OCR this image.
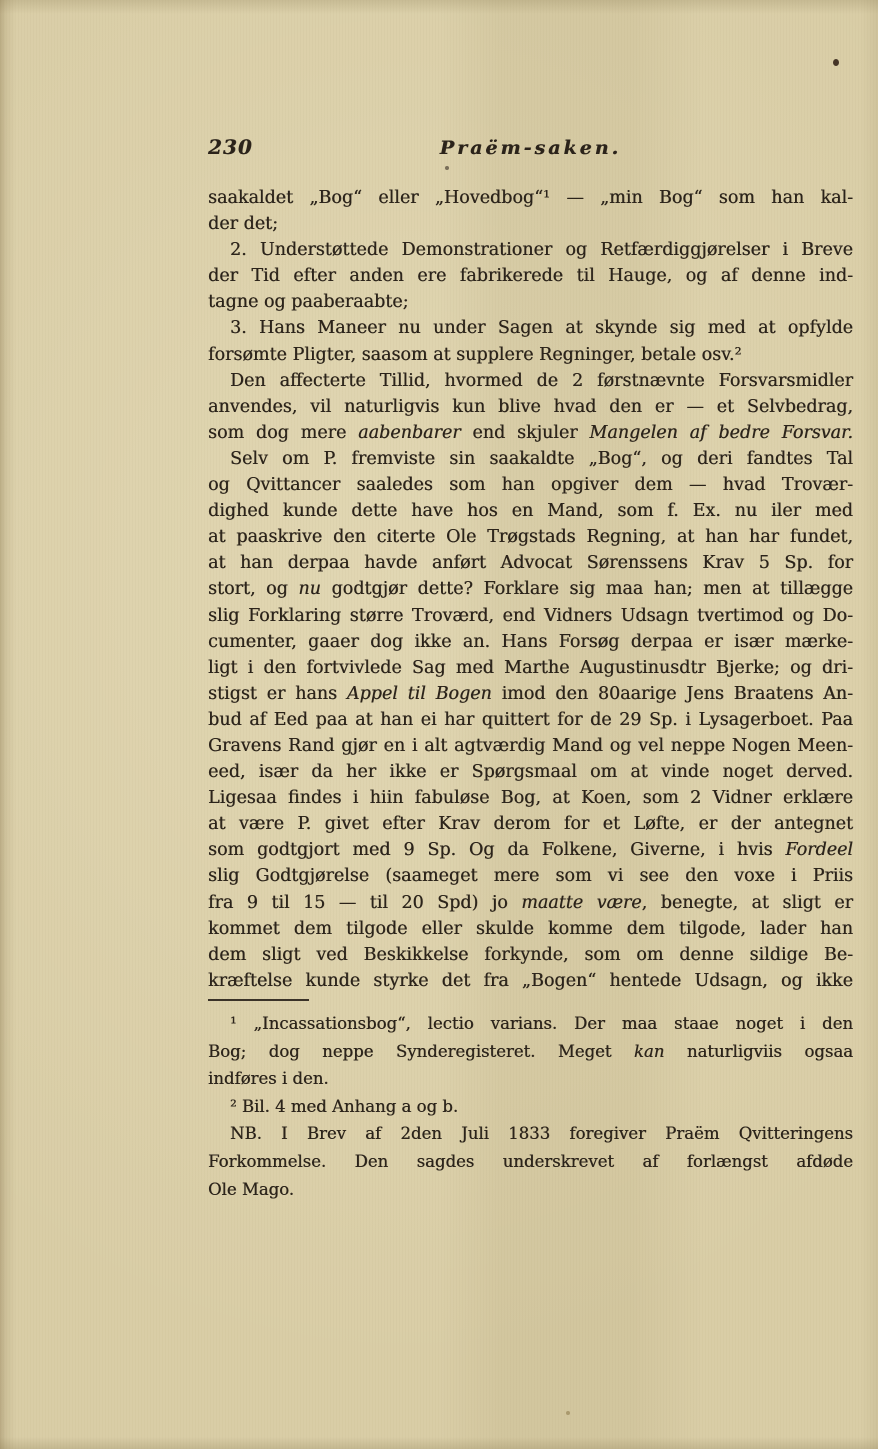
230	Praëm-saken.
saakaldet „Bog“ eller „Hovedbog“¹ — „min Bog“ som han kal-
der det;
2. Understøttede Demonstrationer og Retfærdiggjørelser i Breve
der Tid efter anden ere fabrikerede til Hauge, og af denne ind-
tagne og paaberaabte;
3. Hans Maneer nu under Sagen at skynde sig med at opfylde
forsømte Pligter, saasom at supplere Regninger, betale osv.²
Den affecterte Tillid, hvormed de 2 førstnævnte Forsvarsmidler
anvendes, vil naturligvis kun blive hvad den er — et Selvbedrag,
som dog mere aabenbarer end skjuler Mangelen af bedre Forsvar.
Selv om P. fremviste sin saakaldte „Bog“, og deri fandtes Tal
og Qvittancer saaledes som han opgiver dem — hvad Trovær-
dighed kunde dette have hos en Mand, som f. Ex. nu iler med
at paaskrive den citerte Ole Trøgstads Regning, at han har fundet,
at han derpaa havde anført Advocat Sørenssens Krav 5 Sp. for
stort, og nu godtgjør dette? Forklare sig maa han; men at tillægge
slig Forklaring større Troværd, end Vidners Udsagn tvertimod og Do-
cumenter, gaaer dog ikke an. Hans Forsøg derpaa er især mærke-
ligt i den fortvivlede Sag med Marthe Augustinusdtr Bjerke; og dri-
stigst er hans Appel til Bogen imod den 80aarige Jens Braatens An-
bud af Eed paa at han ei har quittert for de 29 Sp. i Lysagerboet. Paa
Gravens Rand gjør en i alt agtværdig Mand og vel neppe Nogen Meen-
eed, især da her ikke er Spørgsmaal om at vinde noget derved.
Ligesaa findes i hiin fabuløse Bog, at Koen, som 2 Vidner erklære
at være P. givet efter Krav derom for et Løfte, er der antegnet
som godtgjort med 9 Sp. Og da Folkene, Giverne, i hvis Fordeel
slig Godtgjørelse (saameget mere som vi see den voxe i Priis
fra 9 til 15 — til 20 Spd) jo maatte være, benegte, at sligt er
kommet dem tilgode eller skulde komme dem tilgode, lader han
dem sligt ved Beskikkelse forkynde, som om denne sildige Be-
kræftelse kunde styrke det fra „Bogen“ hentede Udsagn, og ikke
¹ „Incassationsbog“, lectio varians. Der maa staae noget i den
Bog; dog neppe Synderegisteret. Meget kan naturligviis ogsaa
indføres i den.
² Bil. 4 med Anhang a og b.
NB. I Brev af 2den Juli 1833 foregiver Praëm Qvitteringens
Forkommelse. Den sagdes underskrevet af forlængst afdøde
Ole Mago.
